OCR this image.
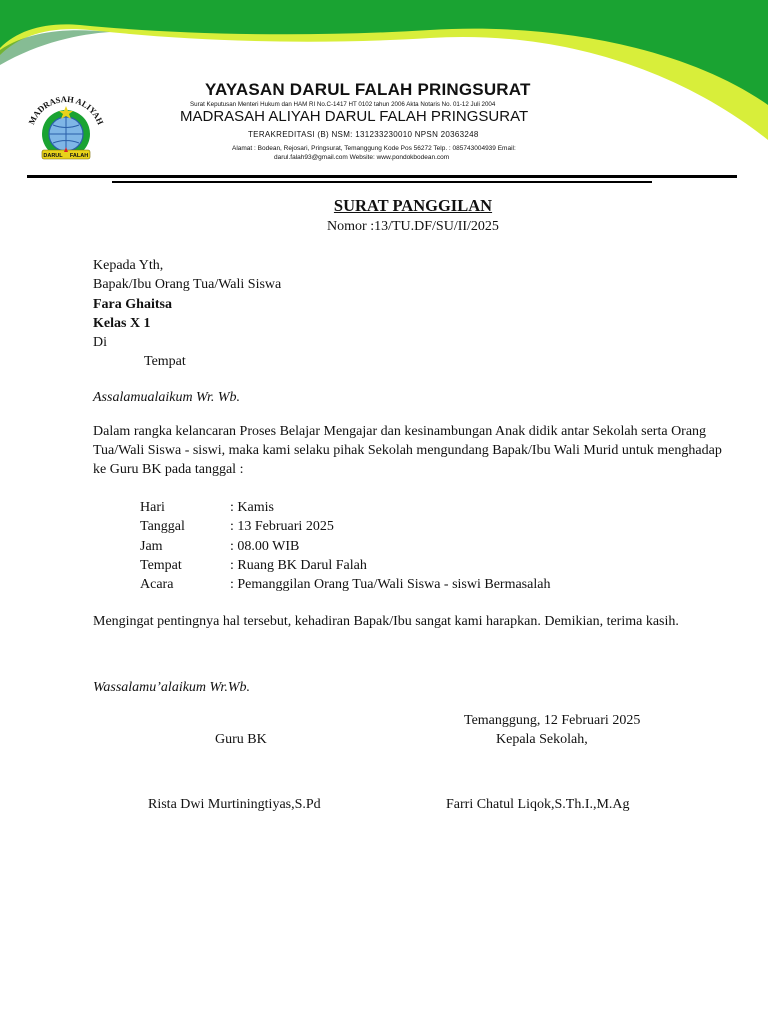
MADRASAH ALIYAH
DARUL FALAH
YAYASAN DARUL FALAH PRINGSURAT
Surat Keputusan Menteri Hukum dan HAM RI No.C-1417 HT 0102 tahun 2006 Akta Notaris No. 01-12 Juli 2004
MADRASAH ALIYAH DARUL FALAH PRINGSURAT
TERAKREDITASI (B) NSM: 131233230010 NPSN 20363248
Alamat : Bodean, Rejosari, Pringsurat, Temanggung Kode Pos 56272 Telp. : 085743004939 Email:
darul.falah93@gmail.com Website: www.pondokbodean.com
SURAT PANGGILAN
Nomor :13/TU.DF/SU/II/2025
Kepada Yth,
Bapak/Ibu Orang Tua/Wali Siswa
Fara Ghaitsa
Kelas X 1
Di
Tempat
Assalamualaikum Wr. Wb.
Dalam rangka kelancaran Proses Belajar Mengajar dan kesinambungan Anak didik antar Sekolah serta Orang Tua/Wali Siswa - siswi, maka kami selaku pihak Sekolah mengundang Bapak/Ibu Wali Murid untuk menghadap ke Guru BK pada tanggal :
Hari	: Kamis
Tanggal	: 13 Februari 2025
Jam	: 08.00 WIB
Tempat	: Ruang BK Darul Falah
Acara	: Pemanggilan Orang Tua/Wali Siswa - siswi Bermasalah
Mengingat pentingnya hal tersebut, kehadiran Bapak/Ibu sangat kami harapkan. Demikian, terima kasih.
Wassalamu’alaikum Wr.Wb.
Temanggung, 12 Februari 2025
Guru BK	Kepala Sekolah,
Rista Dwi Murtiningtiyas,S.Pd	Farri Chatul Liqok,S.Th.I.,M.Ag
